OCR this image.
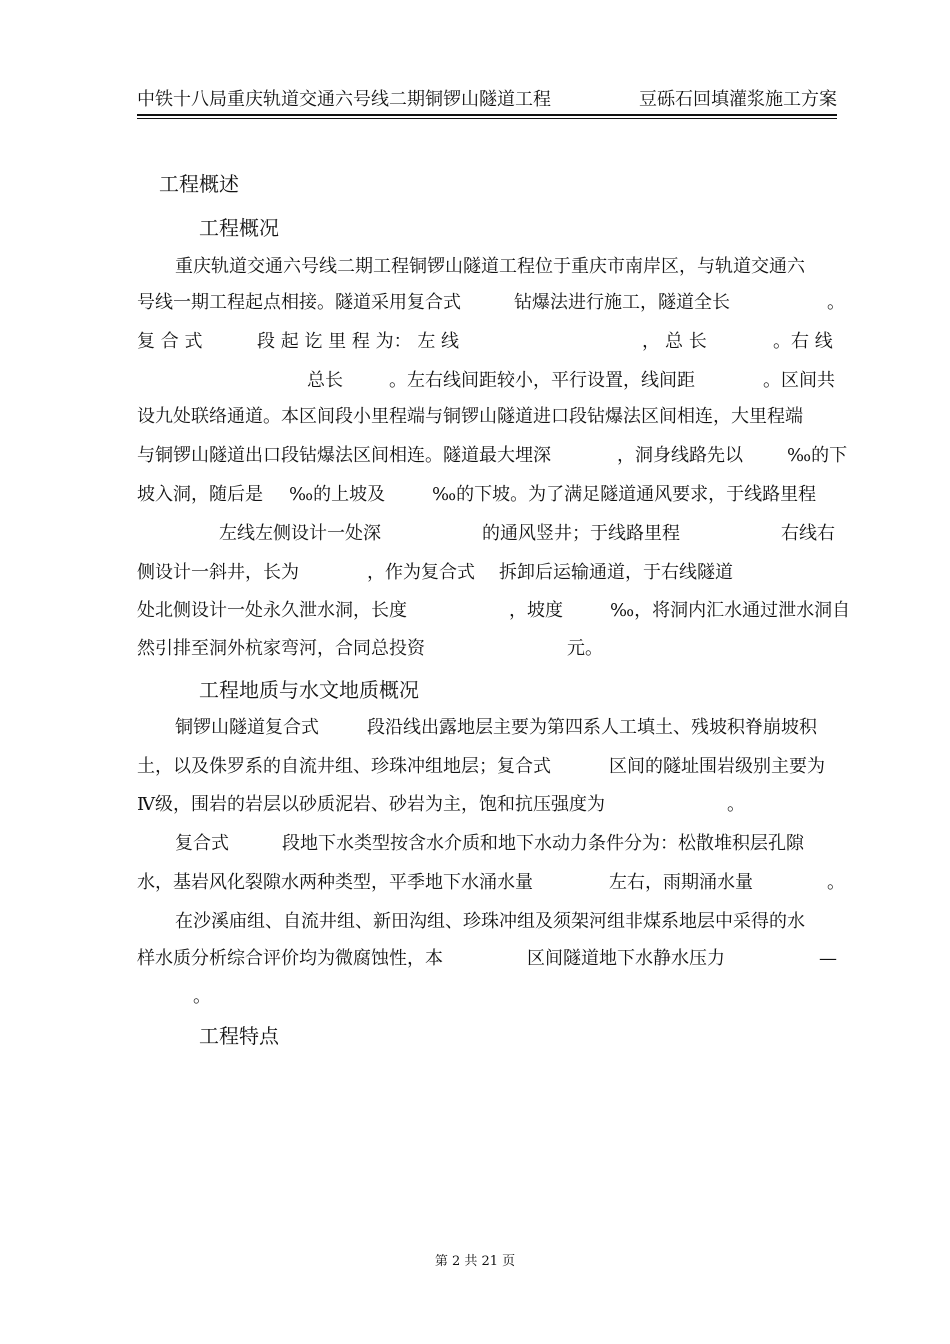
中铁十八局重庆轨道交通六号线二期铜锣山隧道工程	豆砾石回填灌浆施工方案
工程概述
工程概况
重庆轨道交通六号线二期工程铜锣山隧道工程位于重庆市南岸区，与轨道交通六
号线一期工程起点相接。隧道采用复合式	钻爆法进行施工，隧道全长	。
复 合 式	段 起 讫 里 程 为： 左 线	， 总 长	。右 线
总长	。左右线间距较小，平行设置，线间距	。区间共
设九处联络通道。本区间段小里程端与铜锣山隧道进口段钻爆法区间相连，大里程端
与铜锣山隧道出口段钻爆法区间相连。隧道最大埋深	，洞身线路先以 ‰的下
坡入洞，随后是 ‰的上坡及	‰的下坡。为了满足隧道通风要求，于线路里程
左线左侧设计一处深	的通风竖井；于线路里程	右线右
侧设计一斜井，长为	，作为复合式 拆卸后运输通道，于右线隧道
处北侧设计一处永久泄水洞，长度	，坡度	‰，将洞内汇水通过泄水洞自
然引排至洞外杭家弯河，合同总投资	元。
工程地质与水文地质概况
铜锣山隧道复合式	段沿线出露地层主要为第四系人工填土、残坡积脊崩坡积
土，以及侏罗系的自流井组、珍珠冲组地层；复合式	区间的隧址围岩级别主要为
Ⅳ级，围岩的岩层以砂质泥岩、砂岩为主，饱和抗压强度为	。
复合式	段地下水类型按含水介质和地下水动力条件分为：松散堆积层孔隙
水，基岩风化裂隙水两种类型，平季地下水涌水量	左右，雨期涌水量	。
在沙溪庙组、自流井组、新田沟组、珍珠冲组及须架河组非煤系地层中采得的水
样水质分析综合评价均为微腐蚀性，本	区间隧道地下水静水压力	—
。
工程特点
第 2 共 21 页
